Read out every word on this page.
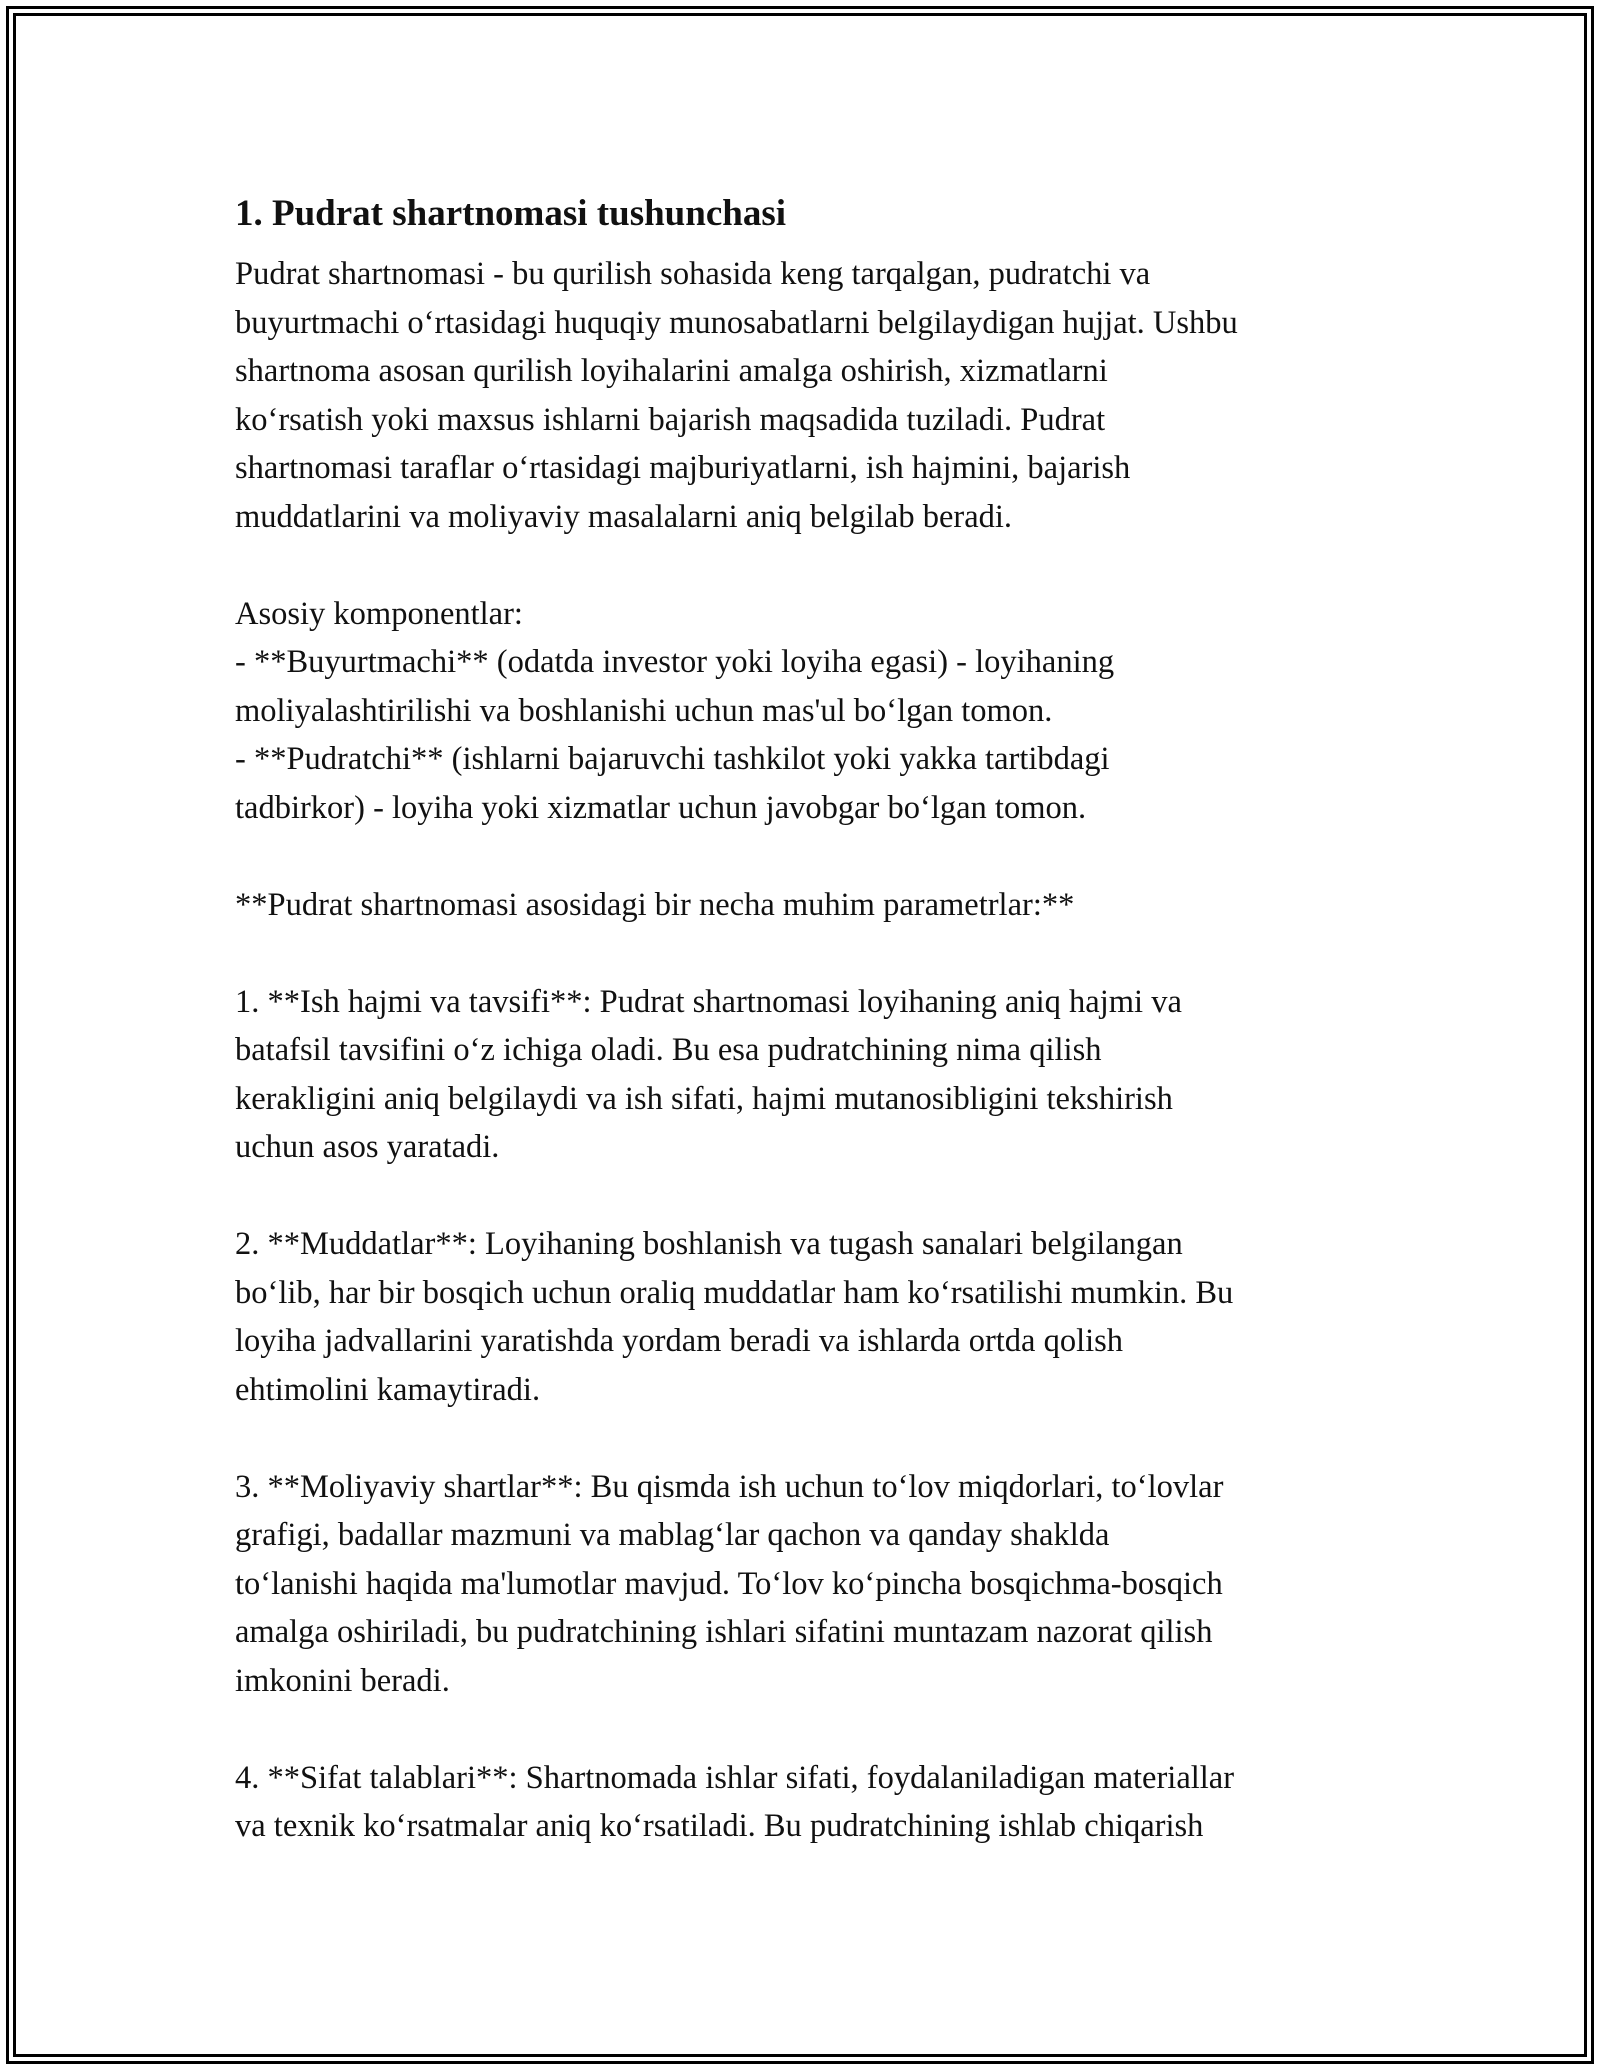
1. Pudrat shartnomasi tushunchasi

Pudrat shartnomasi - bu qurilish sohasida keng tarqalgan, pudratchi va
buyurtmachi o‘rtasidagi huquqiy munosabatlarni belgilaydigan hujjat. Ushbu
shartnoma asosan qurilish loyihalarini amalga oshirish, xizmatlarni
ko‘rsatish yoki maxsus ishlarni bajarish maqsadida tuziladi. Pudrat
shartnomasi taraflar o‘rtasidagi majburiyatlarni, ish hajmini, bajarish
muddatlarini va moliyaviy masalalarni aniq belgilab beradi.

Asosiy komponentlar:
- **Buyurtmachi** (odatda investor yoki loyiha egasi) - loyihaning
moliyalashtirilishi va boshlanishi uchun mas'ul bo‘lgan tomon.
- **Pudratchi** (ishlarni bajaruvchi tashkilot yoki yakka tartibdagi
tadbirkor) - loyiha yoki xizmatlar uchun javobgar bo‘lgan tomon.

**Pudrat shartnomasi asosidagi bir necha muhim parametrlar:**

1. **Ish hajmi va tavsifi**: Pudrat shartnomasi loyihaning aniq hajmi va
batafsil tavsifini o‘z ichiga oladi. Bu esa pudratchining nima qilish
kerakligini aniq belgilaydi va ish sifati, hajmi mutanosibligini tekshirish
uchun asos yaratadi.

2. **Muddatlar**: Loyihaning boshlanish va tugash sanalari belgilangan
bo‘lib, har bir bosqich uchun oraliq muddatlar ham ko‘rsatilishi mumkin. Bu
loyiha jadvallarini yaratishda yordam beradi va ishlarda ortda qolish
ehtimolini kamaytiradi.

3. **Moliyaviy shartlar**: Bu qismda ish uchun to‘lov miqdorlari, to‘lovlar
grafigi, badallar mazmuni va mablag‘lar qachon va qanday shaklda
to‘lanishi haqida ma'lumotlar mavjud. To‘lov ko‘pincha bosqichma-bosqich
amalga oshiriladi, bu pudratchining ishlari sifatini muntazam nazorat qilish
imkonini beradi.

4. **Sifat talablari**: Shartnomada ishlar sifati, foydalaniladigan materiallar
va texnik ko‘rsatmalar aniq ko‘rsatiladi. Bu pudratchining ishlab chiqarish
